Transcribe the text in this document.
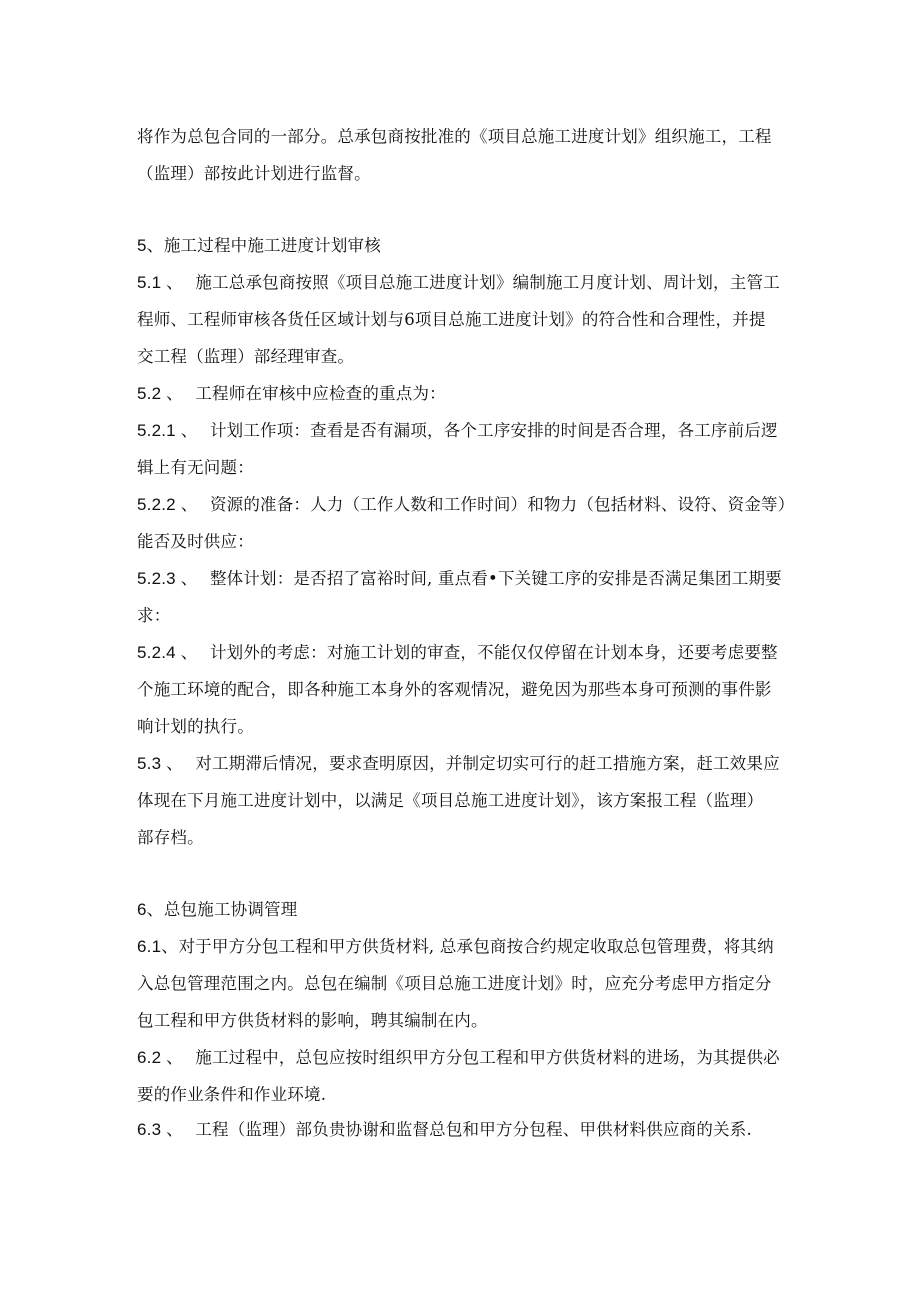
将作为总包合同的一部分。总承包商按批准的《项目总施工进度计划》组织施工，工程
（监理）部按此计划进行监督。
5、施工过程中施工进度计划审核
5.1 、 施工总承包商按照《项目总施工进度计划》编制施工月度计划、周计划，主管工
程师、工程师审核各货任区域计划与6项目总施工进度计划》的符合性和合理性，并提
交工程（监理）部经理审查。
5.2 、 工程师在审核中应检查的重点为：
5.2.1 、 计划工作项：查看是否有漏项，各个工序安排的时间是否合理，各工序前后逻
辑上有无问题：
5.2.2 、 资源的准备：人力（工作人数和工作时间）和物力（包括材料、设符、资金等）
能否及时供应：
5.2.3 、 整体计划：是否招了富裕时间, 重点看•下关键工序的安排是否满足集团工期要
求：
5.2.4 、 计划外的考虑：对施工计划的审查，不能仅仅停留在计划本身，还要考虑要整
个施工环境的配合，即各种施工本身外的客观情况，避免因为那些本身可预测的事件影
响计划的执行。
5.3 、 对工期滞后情况，要求查明原因，并制定切实可行的赶工措施方案，赶工效果应
体现在下月施工进度计划中，以满足《项目总施工进度计划》，该方案报工程（监理）
部存档。
6、总包施工协调管理
6.1、对于甲方分包工程和甲方供货材料, 总承包商按合约规定收取总包管理费，将其纳
入总包管理范围之内。总包在编制《项目总施工进度计划》时，应充分考虑甲方指定分
包工程和甲方供货材料的影响，聘其编制在内。
6.2 、 施工过程中，总包应按时组织甲方分包工程和甲方供货材料的进场，为其提供必
要的作业条件和作业环境.
6.3 、 工程（监理）部负贵协谢和监督总包和甲方分包程、甲供材料供应商的关系.
